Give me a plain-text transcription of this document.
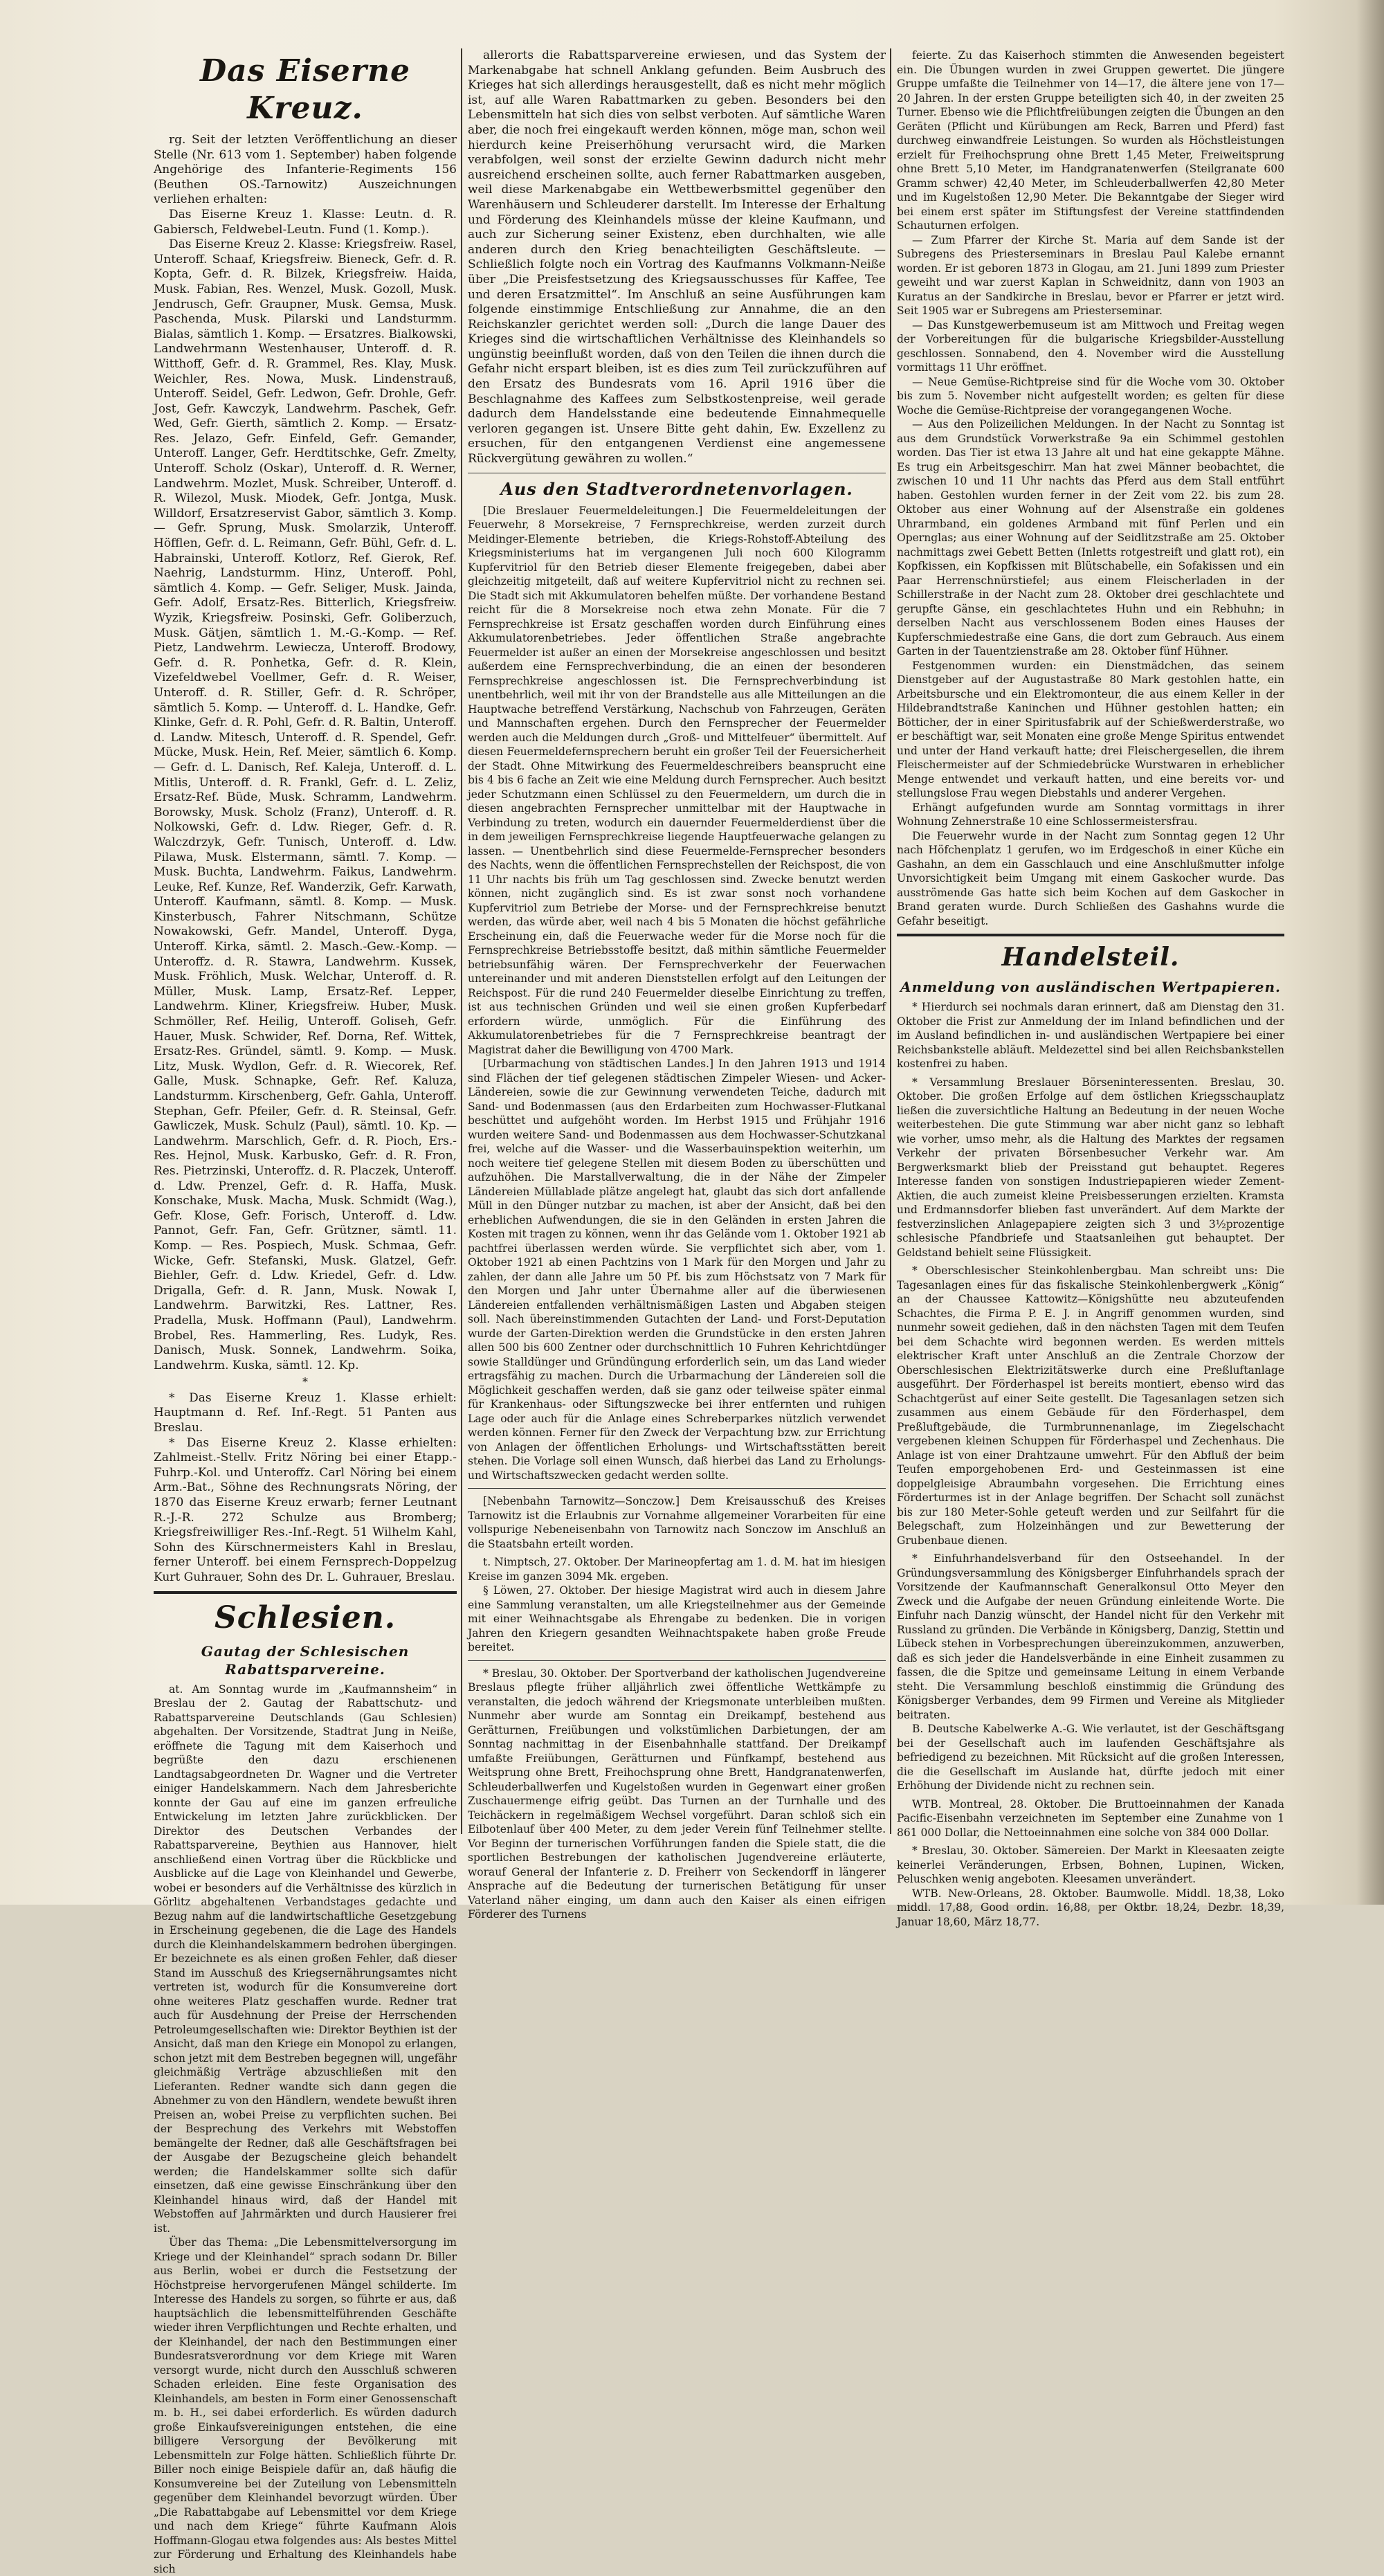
Das Eiserne Kreuz.

rg. Seit der letzten Veröffentlichung an dieser Stelle (Nr. 613 vom 1. September) haben folgende Angehörige des Infanterie-Regiments 156 (Beuthen OS.-Tarnowitz) Auszeichnungen verliehen erhalten:

Das Eiserne Kreuz 1. Klasse: Leutn. d. R. Gabiersch, Feldwebel-Leutn. Fund (1. Komp.).

Das Eiserne Kreuz 2. Klasse: Kriegsfreiw. Rasel, Unteroff. Schaaf, Kriegsfreiw. Bieneck, Gefr. d. R. Kopta, Gefr. d. R. Bilzek, Kriegsfreiw. Haida, Musk. Fabian, Res. Wenzel, Musk. Gozoll, Musk. Jendrusch, Gefr. Graupner, Musk. Gemsa, Musk. Paschenda, Musk. Pilarski und Landsturmm. Bialas, sämtlich 1. Komp. — Ersatzres. Bialkowski, Landwehrmann Westenhauser, Unteroff. d. R. Witthoff, Gefr. d. R. Grammel, Res. Klay, Musk. Weichler, Res. Nowa, Musk. Lindenstrauß, Unteroff. Seidel, Gefr. Ledwon, Gefr. Drohle, Gefr. Jost, Gefr. Kawczyk, Landwehrm. Paschek, Gefr. Wed, Gefr. Gierth, sämtlich 2. Komp. — Ersatz-Res. Jelazo, Gefr. Einfeld, Gefr. Gemander, Unteroff. Langer, Gefr. Herdtitschke, Gefr. Zmelty, Unteroff. Scholz (Oskar), Unteroff. d. R. Werner, Landwehrm. Mozlet, Musk. Schreiber, Unteroff. d. R. Wilezol, Musk. Miodek, Gefr. Jontga, Musk. Willdorf, Ersatzreservist Gabor, sämtlich 3. Komp. — Gefr. Sprung, Musk. Smolarzik, Unteroff. Höfflen, Gefr. d. L. Reimann, Gefr. Bühl, Gefr. d. L. Habrainski, Unteroff. Kotlorz, Ref. Gierok, Ref. Naehrig, Landsturmm. Hinz, Unteroff. Pohl, sämtlich 4. Komp. — Gefr. Seliger, Musk. Jainda, Gefr. Adolf, Ersatz-Res. Bitterlich, Kriegsfreiw. Wyzik, Kriegsfreiw. Posinski, Gefr. Goliberzuch, Musk. Gätjen, sämtlich 1. M.-G.-Komp. — Ref. Pietz, Landwehrm. Lewiecza, Unteroff. Brodowy, Gefr. d. R. Ponhetka, Gefr. d. R. Klein, Vizefeldwebel Voellmer, Gefr. d. R. Weiser, Unteroff. d. R. Stiller, Gefr. d. R. Schröper, sämtlich 5. Komp. — Unteroff. d. L. Handke, Gefr. Klinke, Gefr. d. R. Pohl, Gefr. d. R. Baltin, Unteroff. d. Landw. Mitesch, Unteroff. d. R. Spendel, Gefr. Mücke, Musk. Hein, Ref. Meier, sämtlich 6. Komp. — Gefr. d. L. Danisch, Ref. Kaleja, Unteroff. d. L. Mitlis, Unteroff. d. R. Frankl, Gefr. d. L. Zeliz, Ersatz-Ref. Büde, Musk. Schramm, Landwehrm. Borowsky, Musk. Scholz (Franz), Unteroff. d. R. Nolkowski, Gefr. d. Ldw. Rieger, Gefr. d. R. Walczdrzyk, Gefr. Tunisch, Unteroff. d. Ldw. Pilawa, Musk. Elstermann, sämtl. 7. Komp. — Musk. Buchta, Landwehrm. Faikus, Landwehrm. Leuke, Ref. Kunze, Ref. Wanderzik, Gefr. Karwath, Unteroff. Kaufmann, sämtl. 8. Komp. — Musk. Kinsterbusch, Fahrer Nitschmann, Schütze Nowakowski, Gefr. Mandel, Unteroff. Dyga, Unteroff. Kirka, sämtl. 2. Masch.-Gew.-Komp. — Unteroffz. d. R. Stawra, Landwehrm. Kussek, Musk. Fröhlich, Musk. Welchar, Unteroff. d. R. Müller, Musk. Lamp, Ersatz-Ref. Lepper, Landwehrm. Kliner, Kriegsfreiw. Huber, Musk. Schmöller, Ref. Heilig, Unteroff. Goliseh, Gefr. Hauer, Musk. Schwider, Ref. Dorna, Ref. Wittek, Ersatz-Res. Gründel, sämtl. 9. Komp. — Musk. Litz, Musk. Wydlon, Gefr. d. R. Wiecorek, Ref. Galle, Musk. Schnapke, Gefr. Ref. Kaluza, Landsturmm. Kirschenberg, Gefr. Gahla, Unteroff. Stephan, Gefr. Pfeiler, Gefr. d. R. Steinsal, Gefr. Gawliczek, Musk. Schulz (Paul), sämtl. 10. Kp. — Landwehrm. Marschlich, Gefr. d. R. Pioch, Ers.-Res. Hejnol, Musk. Karbusko, Gefr. d. R. Fron, Res. Pietrzinski, Unteroffz. d. R. Placzek, Unteroff. d. Ldw. Prenzel, Gefr. d. R. Haffa, Musk. Konschake, Musk. Macha, Musk. Schmidt (Wag.), Gefr. Klose, Gefr. Forisch, Unteroff. d. Ldw. Pannot, Gefr. Fan, Gefr. Grützner, sämtl. 11. Komp. — Res. Pospiech, Musk. Schmaa, Gefr. Wicke, Gefr. Stefanski, Musk. Glatzel, Gefr. Biehler, Gefr. d. Ldw. Kriedel, Gefr. d. Ldw. Drigalla, Gefr. d. R. Jann, Musk. Nowak I, Landwehrm. Barwitzki, Res. Lattner, Res. Pradella, Musk. Hoffmann (Paul), Landwehrm. Brobel, Res. Hammerling, Res. Ludyk, Res. Danisch, Musk. Sonnek, Landwehrm. Soika, Landwehrm. Kuska, sämtl. 12. Kp.

*

* Das Eiserne Kreuz 1. Klasse erhielt: Hauptmann d. Ref. Inf.-Regt. 51 Panten aus Breslau.

* Das Eiserne Kreuz 2. Klasse erhielten: Zahlmeist.-Stellv. Fritz Nöring bei einer Etapp.-Fuhrp.-Kol. und Unteroffz. Carl Nöring bei einem Arm.-Bat., Söhne des Rechnungsrats Nöring, der 1870 das Eiserne Kreuz erwarb; ferner Leutnant R.-J.-R. 272 Schulze aus Bromberg; Kriegsfreiwilliger Res.-Inf.-Regt. 51 Wilhelm Kahl, Sohn des Kürschnermeisters Kahl in Breslau, ferner Unteroff. bei einem Fernsprech-Doppelzug Kurt Guhrauer, Sohn des Dr. L. Guhrauer, Breslau.

Schlesien.
Gautag der Schlesischen Rabattsparvereine.

at. Am Sonntag wurde im „Kaufmannsheim“ in Breslau der 2. Gautag der Rabattschutz- und Rabattsparvereine Deutschlands (Gau Schlesien) abgehalten. Der Vorsitzende, Stadtrat Jung in Neiße, eröffnete die Tagung mit dem Kaiserhoch und begrüßte den dazu erschienenen Landtagsabgeordneten Dr. Wagner und die Vertreter einiger Handelskammern. Nach dem Jahresberichte konnte der Gau auf eine im ganzen erfreuliche Entwickelung im letzten Jahre zurückblicken. Der Direktor des Deutschen Verbandes der Rabattsparvereine, Beythien aus Hannover, hielt anschließend einen Vortrag über die Rückblicke und Ausblicke auf die Lage von Kleinhandel und Gewerbe, wobei er besonders auf die Verhältnisse des kürzlich in Görlitz abgehaltenen Verbandstages gedachte und Bezug nahm auf die landwirtschaftliche Gesetzgebung in Erscheinung gegebenen, die die Lage des Handels durch die Kleinhandelskammern bedrohen übergingen. Er bezeichnete es als einen großen Fehler, daß dieser Stand im Ausschuß des Kriegsernährungsamtes nicht vertreten ist, wodurch für die Konsumvereine dort ohne weiteres Platz geschaffen wurde. Redner trat auch für Ausdehnung der Preise der Herrschenden Petroleumgesellschaften wie: Direktor Beythien ist der Ansicht, daß man den Kriege ein Monopol zu erlangen, schon jetzt mit dem Bestreben begegnen will, ungefähr gleichmäßig Verträge abzuschließen mit den Lieferanten. Redner wandte sich dann gegen die Abnehmer zu von den Händlern, wendete bewußt ihren Preisen an, wobei Preise zu verpflichten suchen. Bei der Besprechung des Verkehrs mit Webstoffen bemängelte der Redner, daß alle Geschäftsfragen bei der Ausgabe der Bezugscheine gleich behandelt werden; die Handelskammer sollte sich dafür einsetzen, daß eine gewisse Einschränkung über den Kleinhandel hinaus wird, daß der Handel mit Webstoffen auf Jahrmärkten und durch Hausierer frei ist.

Über das Thema: „Die Lebensmittelversorgung im Kriege und der Kleinhandel“ sprach sodann Dr. Biller aus Berlin, wobei er durch die Festsetzung der Höchstpreise hervorgerufenen Mängel schilderte. Im Interesse des Handels zu sorgen, so führte er aus, daß hauptsächlich die lebensmittelführenden Geschäfte wieder ihren Verpflichtungen und Rechte erhalten, und der Kleinhandel, der nach den Bestimmungen einer Bundesratsverordnung vor dem Kriege mit Waren versorgt wurde, nicht durch den Ausschluß schweren Schaden erleiden. Eine feste Organisation des Kleinhandels, am besten in Form einer Genossenschaft m. b. H., sei dabei erforderlich. Es würden dadurch große Einkaufsvereinigungen entstehen, die eine billigere Versorgung der Bevölkerung mit Lebensmitteln zur Folge hätten. Schließlich führte Dr. Biller noch einige Beispiele dafür an, daß häufig die Konsumvereine bei der Zuteilung von Lebensmitteln gegenüber dem Kleinhandel bevorzugt würden. Über „Die Rabattabgabe auf Lebensmittel vor dem Kriege und nach dem Kriege“ führte Kaufmann Alois Hoffmann-Glogau etwa folgendes aus: Als bestes Mittel zur Förderung und Erhaltung des Kleinhandels habe sich

allerorts die Rabattsparvereine erwiesen, und das System der Markenabgabe hat schnell Anklang gefunden. Beim Ausbruch des Krieges hat sich allerdings herausgestellt, daß es nicht mehr möglich ist, auf alle Waren Rabattmarken zu geben. Besonders bei den Lebensmitteln hat sich dies von selbst verboten. Auf sämtliche Waren aber, die noch frei eingekauft werden können, möge man, schon weil hierdurch keine Preiserhöhung verursacht wird, die Marken verabfolgen, weil sonst der erzielte Gewinn dadurch nicht mehr ausreichend erscheinen sollte, auch ferner Rabattmarken ausgeben, weil diese Markenabgabe ein Wettbewerbsmittel gegenüber den Warenhäusern und Schleuderer darstellt. Im Interesse der Erhaltung und Förderung des Kleinhandels müsse der kleine Kaufmann, und auch zur Sicherung seiner Existenz, eben durchhalten, wie alle anderen durch den Krieg benachteiligten Geschäftsleute. — Schließlich folgte noch ein Vortrag des Kaufmanns Volkmann-Neiße über „Die Preisfestsetzung des Kriegsausschusses für Kaffee, Tee und deren Ersatzmittel“. Im Anschluß an seine Ausführungen kam folgende einstimmige Entschließung zur Annahme, die an den Reichskanzler gerichtet werden soll: „Durch die lange Dauer des Krieges sind die wirtschaftlichen Verhältnisse des Kleinhandels so ungünstig beeinflußt worden, daß von den Teilen die ihnen durch die Gefahr nicht erspart bleiben, ist es dies zum Teil zurückzuführen auf den Ersatz des Bundesrats vom 16. April 1916 über die Beschlagnahme des Kaffees zum Selbstkostenpreise, weil gerade dadurch dem Handelsstande eine bedeutende Einnahmequelle verloren gegangen ist. Unsere Bitte geht dahin, Ew. Exzellenz zu ersuchen, für den entgangenen Verdienst eine angemessene Rückvergütung gewähren zu wollen.“

Aus den Stadtverordnetenvorlagen.

[Die Breslauer Feuermeldeleitungen.] Die Feuermeldeleitungen der Feuerwehr, 8 Morsekreise, 7 Fernsprechkreise, werden zurzeit durch Meidinger-Elemente betrieben, die Kriegs-Rohstoff-Abteilung des Kriegsministeriums hat im vergangenen Juli noch 600 Kilogramm Kupfervitriol für den Betrieb dieser Elemente freigegeben, dabei aber gleichzeitig mitgeteilt, daß auf weitere Kupfervitriol nicht zu rechnen sei. Die Stadt sich mit Akkumulatoren behelfen müßte. Der vorhandene Bestand reicht für die 8 Morsekreise noch etwa zehn Monate. Für die 7 Fernsprechkreise ist Ersatz geschaffen worden durch Einführung eines Akkumulatorenbetriebes. Jeder öffentlichen Straße angebrachte Feuermelder ist außer an einen der Morsekreise angeschlossen und besitzt außerdem eine Fernsprechverbindung, die an einen der besonderen Fernsprechkreise angeschlossen ist. Die Fernsprechverbindung ist unentbehrlich, weil mit ihr von der Brandstelle aus alle Mitteilungen an die Hauptwache betreffend Verstärkung, Nachschub von Fahrzeugen, Geräten und Mannschaften ergehen. Durch den Fernsprecher der Feuermelder werden auch die Meldungen durch „Groß- und Mittelfeuer“ übermittelt. Auf diesen Feuermeldefernsprechern beruht ein großer Teil der Feuersicherheit der Stadt. Ohne Mitwirkung des Feuermeldeschreibers beansprucht eine bis 4 bis 6 fache an Zeit wie eine Meldung durch Fernsprecher. Auch besitzt jeder Schutzmann einen Schlüssel zu den Feuermeldern, um durch die in diesen angebrachten Fernsprecher unmittelbar mit der Hauptwache in Verbindung zu treten, wodurch ein dauernder Feuermelderdienst über die in dem jeweiligen Fernsprechkreise liegende Hauptfeuerwache gelangen zu lassen. — Unentbehrlich sind diese Feuermelde-Fernsprecher besonders des Nachts, wenn die öffentlichen Fernsprechstellen der Reichspost, die von 11 Uhr nachts bis früh um Tag geschlossen sind. Zwecke benutzt werden können, nicht zugänglich sind. Es ist zwar sonst noch vorhandene Kupfervitriol zum Betriebe der Morse- und der Fernsprechkreise benutzt werden, das würde aber, weil nach 4 bis 5 Monaten die höchst gefährliche Erscheinung ein, daß die Feuerwache weder für die Morse noch für die Fernsprechkreise Betriebsstoffe besitzt, daß mithin sämtliche Feuermelder betriebsunfähig wären. Der Fernsprechverkehr der Feuerwachen untereinander und mit anderen Dienststellen erfolgt auf den Leitungen der Reichspost. Für die rund 240 Feuermelder dieselbe Einrichtung zu treffen, ist aus technischen Gründen und weil sie einen großen Kupferbedarf erfordern würde, unmöglich. Für die Einführung des Akkumulatorenbetriebes für die 7 Fernsprechkreise beantragt der Magistrat daher die Bewilligung von 4700 Mark.

[Urbarmachung von städtischen Landes.] In den Jahren 1913 und 1914 sind Flächen der tief gelegenen städtischen Zimpeler Wiesen- und Acker-Ländereien, sowie die zur Gewinnung verwendeten Teiche, dadurch mit Sand- und Bodenmassen (aus den Erdarbeiten zum Hochwasser-Flutkanal beschüttet und aufgehöht worden. Im Herbst 1915 und Frühjahr 1916 wurden weitere Sand- und Bodenmassen aus dem Hochwasser-Schutzkanal frei, welche auf die Wasser- und die Wasserbauinspektion weiterhin, um noch weitere tief gelegene Stellen mit diesem Boden zu überschütten und aufzuhöhen. Die Marstallverwaltung, die in der Nähe der Zimpeler Ländereien Müllablade plätze angelegt hat, glaubt das sich dort anfallende Müll in den Dünger nutzbar zu machen, ist aber der Ansicht, daß bei den erheblichen Aufwendungen, die sie in den Geländen in ersten Jahren die Kosten mit tragen zu können, wenn ihr das Gelände vom 1. Oktober 1921 ab pachtfrei überlassen werden würde. Sie verpflichtet sich aber, vom 1. Oktober 1921 ab einen Pachtzins von 1 Mark für den Morgen und Jahr zu zahlen, der dann alle Jahre um 50 Pf. bis zum Höchstsatz von 7 Mark für den Morgen und Jahr unter Übernahme aller auf die überwiesenen Ländereien entfallenden verhältnismäßigen Lasten und Abgaben steigen soll. Nach übereinstimmenden Gutachten der Land- und Forst-Deputation wurde der Garten-Direktion werden die Grundstücke in den ersten Jahren allen 500 bis 600 Zentner oder durchschnittlich 10 Fuhren Kehrichtdünger sowie Stalldünger und Gründüngung erforderlich sein, um das Land wieder ertragsfähig zu machen. Durch die Urbarmachung der Ländereien soll die Möglichkeit geschaffen werden, daß sie ganz oder teilweise später einmal für Krankenhaus- oder Siftungszwecke bei ihrer entfernten und ruhigen Lage oder auch für die Anlage eines Schreberparkes nützlich verwendet werden können. Ferner für den Zweck der Verpachtung bzw. zur Errichtung von Anlagen der öffentlichen Erholungs- und Wirtschaftsstätten bereit stehen. Die Vorlage soll einen Wunsch, daß hierbei das Land zu Erholungs- und Wirtschaftszwecken gedacht werden sollte.

[Nebenbahn Tarnowitz—Sonczow.] Dem Kreisausschuß des Kreises Tarnowitz ist die Erlaubnis zur Vornahme allgemeiner Vorarbeiten für eine vollspurige Nebeneisenbahn von Tarnowitz nach Sonczow im Anschluß an die Staatsbahn erteilt worden.

t. Nimptsch, 27. Oktober. Der Marineopfertag am 1. d. M. hat im hiesigen Kreise im ganzen 3094 Mk. ergeben.

§ Löwen, 27. Oktober. Der hiesige Magistrat wird auch in diesem Jahre eine Sammlung veranstalten, um alle Kriegsteilnehmer aus der Gemeinde mit einer Weihnachtsgabe als Ehrengabe zu bedenken. Die in vorigen Jahren den Kriegern gesandten Weihnachtspakete haben große Freude bereitet.

* Breslau, 30. Oktober. Der Sportverband der katholischen Jugendvereine Breslaus pflegte früher alljährlich zwei öffentliche Wettkämpfe zu veranstalten, die jedoch während der Kriegsmonate unterbleiben mußten. Nunmehr aber wurde am Sonntag ein Dreikampf, bestehend aus Gerätturnen, Freiübungen und volkstümlichen Darbietungen, der am Sonntag nachmittag in der Eisenbahnhalle stattfand. Der Dreikampf umfaßte Freiübungen, Gerätturnen und Fünfkampf, bestehend aus Weitsprung ohne Brett, Freihochsprung ohne Brett, Handgranatenwerfen, Schleuderballwerfen und Kugelstoßen wurden in Gegenwart einer großen Zuschauermenge eifrig geübt. Das Turnen an der Turnhalle und des Teichäckern in regelmäßigem Wechsel vorgeführt. Daran schloß sich ein Eilbotenlauf über 400 Meter, zu dem jeder Verein fünf Teilnehmer stellte. Vor Beginn der turnerischen Vorführungen fanden die Spiele statt, die die sportlichen Bestrebungen der katholischen Jugendvereine erläuterte, worauf General der Infanterie z. D. Freiherr von Seckendorff in längerer Ansprache auf die Bedeutung der turnerischen Betätigung für unser Vaterland näher einging, um dann auch den Kaiser als einen eifrigen Förderer des Turnens

feierte. Zu das Kaiserhoch stimmten die Anwesenden begeistert ein. Die Übungen wurden in zwei Gruppen gewertet. Die jüngere Gruppe umfaßte die Teilnehmer von 14—17, die ältere jene von 17—20 Jahren. In der ersten Gruppe beteiligten sich 40, in der zweiten 25 Turner. Ebenso wie die Pflichtfreiübungen zeigten die Übungen an den Geräten (Pflicht und Kürübungen am Reck, Barren und Pferd) fast durchweg einwandfreie Leistungen. So wurden als Höchstleistungen erzielt für Freihochsprung ohne Brett 1,45 Meter, Freiweitsprung ohne Brett 5,10 Meter, im Handgranatenwerfen (Steilgranate 600 Gramm schwer) 42,40 Meter, im Schleuderballwerfen 42,80 Meter und im Kugelstoßen 12,90 Meter. Die Bekanntgabe der Sieger wird bei einem erst später im Stiftungsfest der Vereine stattfindenden Schauturnen erfolgen.

— Zum Pfarrer der Kirche St. Maria auf dem Sande ist der Subregens des Priesterseminars in Breslau Paul Kalebe ernannt worden. Er ist geboren 1873 in Glogau, am 21. Juni 1899 zum Priester geweiht und war zuerst Kaplan in Schweidnitz, dann von 1903 an Kuratus an der Sandkirche in Breslau, bevor er Pfarrer er jetzt wird. Seit 1905 war er Subregens am Priesterseminar.

— Das Kunstgewerbemuseum ist am Mittwoch und Freitag wegen der Vorbereitungen für die bulgarische Kriegsbilder-Ausstellung geschlossen. Sonnabend, den 4. November wird die Ausstellung vormittags 11 Uhr eröffnet.

— Neue Gemüse-Richtpreise sind für die Woche vom 30. Oktober bis zum 5. November nicht aufgestellt worden; es gelten für diese Woche die Gemüse-Richtpreise der vorangegangenen Woche.

— Aus den Polizeilichen Meldungen. In der Nacht zu Sonntag ist aus dem Grundstück Vorwerkstraße 9a ein Schimmel gestohlen worden. Das Tier ist etwa 13 Jahre alt und hat eine gekappte Mähne. Es trug ein Arbeitsgeschirr. Man hat zwei Männer beobachtet, die zwischen 10 und 11 Uhr nachts das Pferd aus dem Stall entführt haben. Gestohlen wurden ferner in der Zeit vom 22. bis zum 28. Oktober aus einer Wohnung auf der Alsenstraße ein goldenes Uhrarmband, ein goldenes Armband mit fünf Perlen und ein Opernglas; aus einer Wohnung auf der Seidlitzstraße am 25. Oktober nachmittags zwei Gebett Betten (Inletts rotgestreift und glatt rot), ein Kopfkissen, ein Kopfkissen mit Blütschabelle, ein Sofakissen und ein Paar Herrenschnürstiefel; aus einem Fleischerladen in der Schillerstraße in der Nacht zum 28. Oktober drei geschlachtete und gerupfte Gänse, ein geschlachtetes Huhn und ein Rebhuhn; in derselben Nacht aus verschlossenem Boden eines Hauses der Kupferschmiedestraße eine Gans, die dort zum Gebrauch. Aus einem Garten in der Tauentzienstraße am 28. Oktober fünf Hühner.

Festgenommen wurden: ein Dienstmädchen, das seinem Dienstgeber auf der Augustastraße 80 Mark gestohlen hatte, ein Arbeitsbursche und ein Elektromonteur, die aus einem Keller in der Hildebrandtstraße Kaninchen und Hühner gestohlen hatten; ein Bötticher, der in einer Spiritusfabrik auf der Schießwerderstraße, wo er beschäftigt war, seit Monaten eine große Menge Spiritus entwendet und unter der Hand verkauft hatte; drei Fleischergesellen, die ihrem Fleischermeister auf der Schmiedebrücke Wurstwaren in erheblicher Menge entwendet und verkauft hatten, und eine bereits vor- und stellungslose Frau wegen Diebstahls und anderer Vergehen.

Erhängt aufgefunden wurde am Sonntag vormittags in ihrer Wohnung Zehnerstraße 10 eine Schlossermeistersfrau.

Die Feuerwehr wurde in der Nacht zum Sonntag gegen 12 Uhr nach Höfchenplatz 1 gerufen, wo im Erdgeschoß in einer Küche ein Gashahn, an dem ein Gasschlauch und eine Anschlußmutter infolge Unvorsichtigkeit beim Umgang mit einem Gaskocher wurde. Das ausströmende Gas hatte sich beim Kochen auf dem Gaskocher in Brand geraten wurde. Durch Schließen des Gashahns wurde die Gefahr beseitigt.

Handelsteil.
Anmeldung von ausländischen Wertpapieren.

* Hierdurch sei nochmals daran erinnert, daß am Dienstag den 31. Oktober die Frist zur Anmeldung der im Inland befindlichen und der im Ausland befindlichen in- und ausländischen Wertpapiere bei einer Reichsbankstelle abläuft. Meldezettel sind bei allen Reichsbankstellen kostenfrei zu haben.

* Versammlung Breslauer Börseninteressenten. Breslau, 30. Oktober. Die großen Erfolge auf dem östlichen Kriegsschauplatz ließen die zuversichtliche Haltung an Bedeutung in der neuen Woche weiterbestehen. Die gute Stimmung war aber nicht ganz so lebhaft wie vorher, umso mehr, als die Haltung des Marktes der regsamen Verkehr der privaten Börsenbesucher Verkehr war. Am Bergwerksmarkt blieb der Preisstand gut behauptet. Regeres Interesse fanden von sonstigen Industriepapieren wieder Zement-Aktien, die auch zumeist kleine Preisbesserungen erzielten. Kramsta und Erdmannsdorfer blieben fast unverändert. Auf dem Markte der festverzinslichen Anlagepapiere zeigten sich 3 und 3½prozentige schlesische Pfandbriefe und Staatsanleihen gut behauptet. Der Geldstand behielt seine Flüssigkeit.

* Oberschlesischer Steinkohlenbergbau. Man schreibt uns: Die Tagesanlagen eines für das fiskalische Steinkohlenbergwerk „König“ an der Chaussee Kattowitz—Königshütte neu abzuteufenden Schachtes, die Firma P. E. J. in Angriff genommen wurden, sind nunmehr soweit gediehen, daß in den nächsten Tagen mit dem Teufen bei dem Schachte wird begonnen werden. Es werden mittels elektrischer Kraft unter Anschluß an die Zentrale Chorzow der Oberschlesischen Elektrizitätswerke durch eine Preßluftanlage ausgeführt. Der Förderhaspel ist bereits montiert, ebenso wird das Schachtgerüst auf einer Seite gestellt. Die Tagesanlagen setzen sich zusammen aus einem Gebäude für den Förderhaspel, dem Preßluftgebäude, die Turmbrunnenanlage, im Ziegelschacht vergebenen kleinen Schuppen für Förderhaspel und Zechenhaus. Die Anlage ist von einer Drahtzaune umwehrt. Für den Abfluß der beim Teufen emporgehobenen Erd- und Gesteinmassen ist eine doppelgleisige Abraumbahn vorgesehen. Die Errichtung eines Förderturmes ist in der Anlage begriffen. Der Schacht soll zunächst bis zur 180 Meter-Sohle geteuft werden und zur Seilfahrt für die Belegschaft, zum Holzeinhängen und zur Bewetterung der Grubenbaue dienen.

* Einfuhrhandelsverband für den Ostseehandel. In der Gründungsversammlung des Königsberger Einfuhrhandels sprach der Vorsitzende der Kaufmannschaft Generalkonsul Otto Meyer den Zweck und die Aufgabe der neuen Gründung einleitende Worte. Die Einfuhr nach Danzig wünscht, der Handel nicht für den Verkehr mit Russland zu gründen. Die Verbände in Königsberg, Danzig, Stettin und Lübeck stehen in Vorbesprechungen übereinzukommen, anzuwerben, daß es sich jeder die Handelsverbände in eine Einheit zusammen zu fassen, die die Spitze und gemeinsame Leitung in einem Verbande steht. Die Versammlung beschloß einstimmig die Gründung des Königsberger Verbandes, dem 99 Firmen und Vereine als Mitglieder beitraten.

B. Deutsche Kabelwerke A.-G. Wie verlautet, ist der Geschäftsgang bei der Gesellschaft auch im laufenden Geschäftsjahre als befriedigend zu bezeichnen. Mit Rücksicht auf die großen Interessen, die die Gesellschaft im Auslande hat, dürfte jedoch mit einer Erhöhung der Dividende nicht zu rechnen sein.

WTB. Montreal, 28. Oktober. Die Bruttoeinnahmen der Kanada Pacific-Eisenbahn verzeichneten im September eine Zunahme von 1 861 000 Dollar, die Nettoeinnahmen eine solche von 384 000 Dollar.

* Breslau, 30. Oktober. Sämereien. Der Markt in Kleesaaten zeigte keinerlei Veränderungen, Erbsen, Bohnen, Lupinen, Wicken, Peluschken wenig angeboten. Kleesamen unverändert.

WTB. New-Orleans, 28. Oktober. Baumwolle. Middl. 18,38, Loko middl. 17,88, Good ordin. 16,88, per Oktbr. 18,24, Dezbr. 18,39, Januar 18,60, März 18,77.
